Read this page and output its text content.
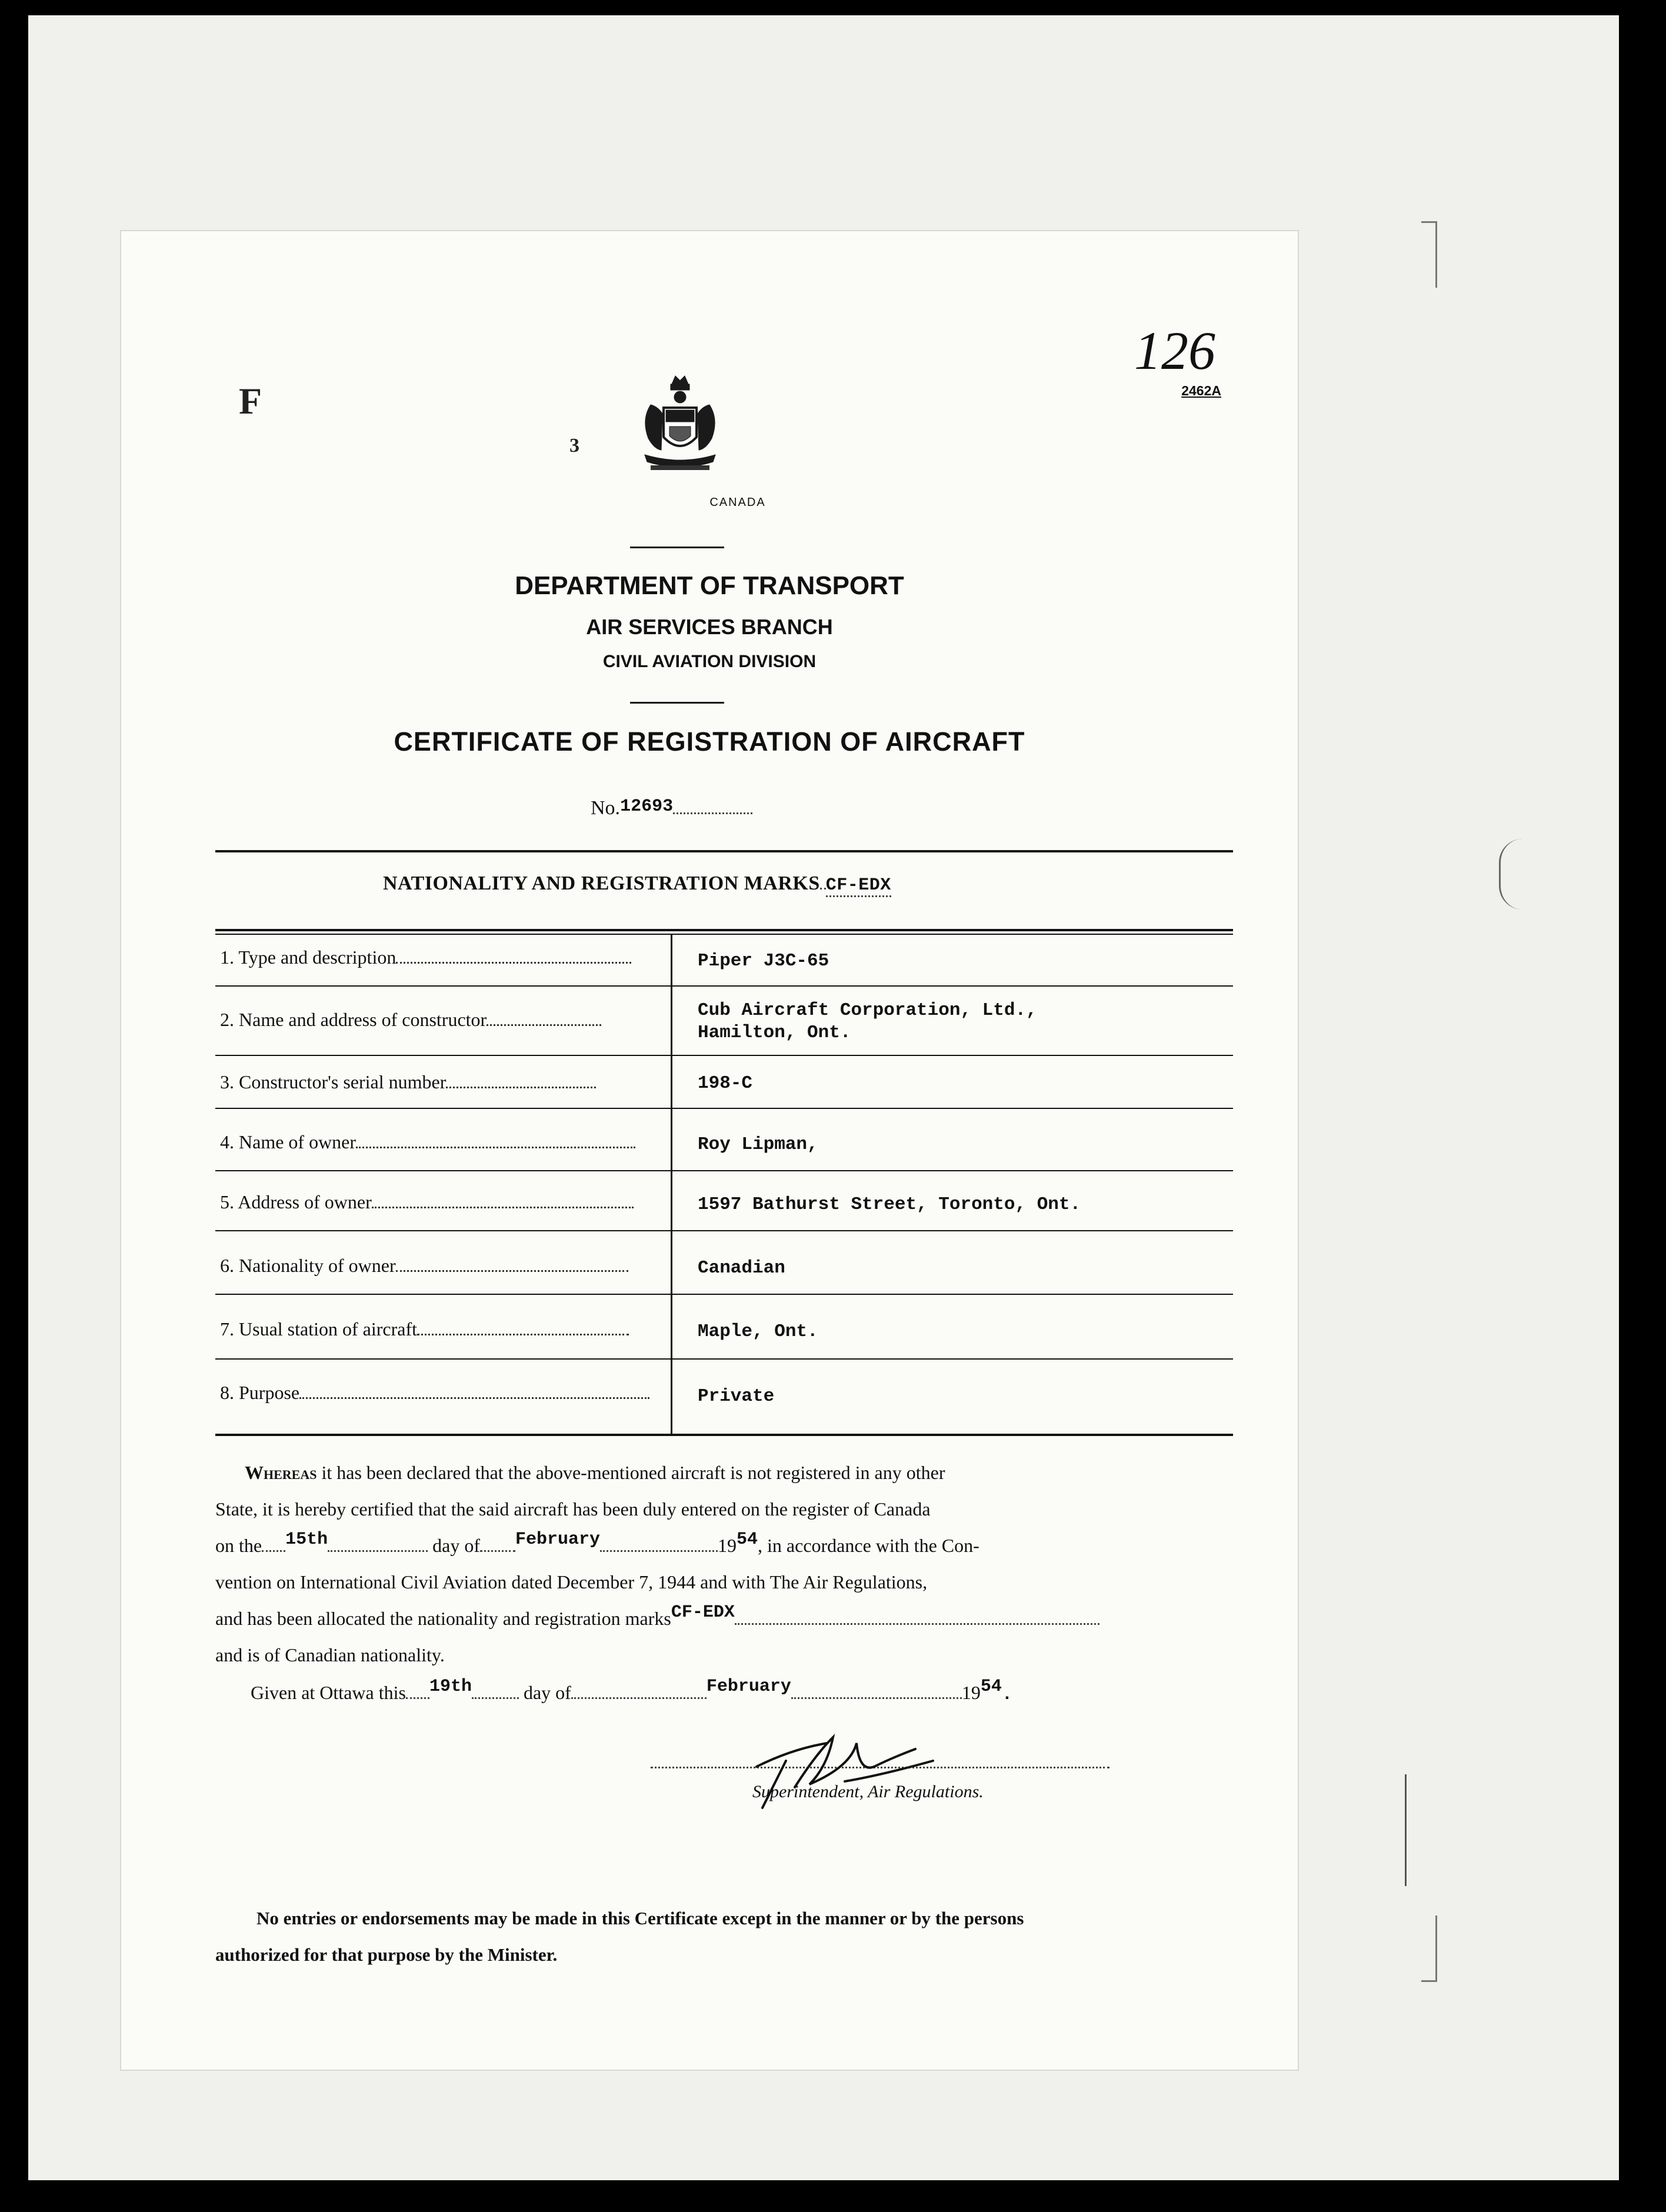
126
F
3
2462A
CANADA
DEPARTMENT OF TRANSPORT
AIR SERVICES BRANCH
CIVIL AVIATION DIVISION
CERTIFICATE OF REGISTRATION OF AIRCRAFT
No.12693
NATIONALITY AND REGISTRATION MARKS CF-EDX
1. Type and description	Piper J3C-65
2. Name and address of constructor	Cub Aircraft Corporation, Ltd.,
Hamilton, Ont.
3. Constructor's serial number	198-C
4. Name of owner	Roy Lipman,
5. Address of owner	1597 Bathurst Street, Toronto, Ont.
6. Nationality of owner	Canadian
7. Usual station of aircraft	Maple, Ont.
8. Purpose	Private
Whereas it has been declared that the above-mentioned aircraft is not registered in any other
State, it is hereby certified that the said aircraft has been duly entered on the register of Canada
on the 15th	day of February	1954, in accordance with the Con-
vention on International Civil Aviation dated December 7, 1944 and with The Air Regulations,
and has been allocated the nationality and registration marksCF-EDX
and is of Canadian nationality.
Given at Ottawa this 19th	day of	February	1954.
Superintendent, Air Regulations.
No entries or endorsements may be made in this Certificate except in the manner or by the persons
authorized for that purpose by the Minister.
